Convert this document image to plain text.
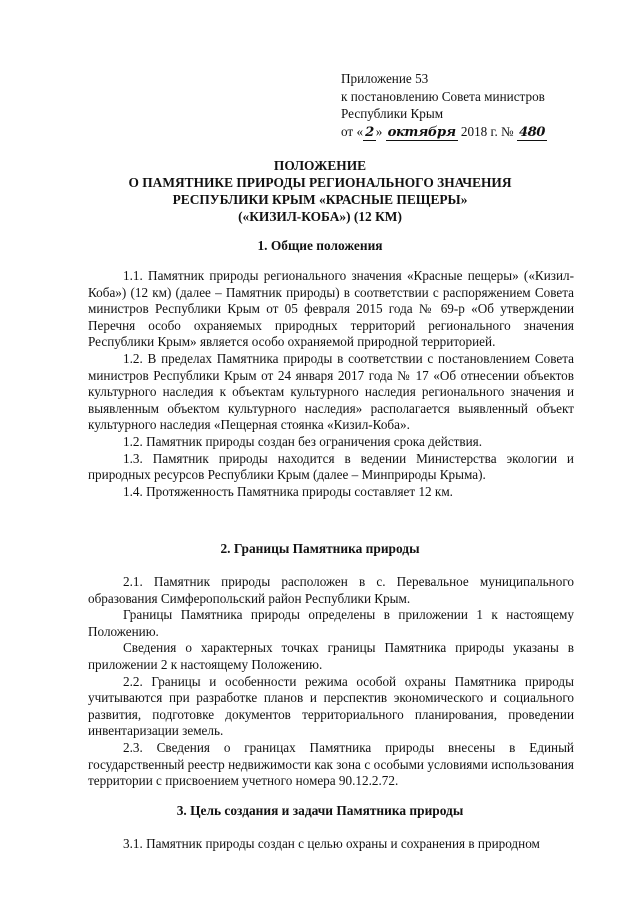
Приложение 53
к постановлению Совета министров
Республики Крым
от « 2 » октября 2018 г. № 480
ПОЛОЖЕНИЕ
О ПАМЯТНИКЕ ПРИРОДЫ РЕГИОНАЛЬНОГО ЗНАЧЕНИЯ
РЕСПУБЛИКИ КРЫМ «КРАСНЫЕ ПЕЩЕРЫ»
(«КИЗИЛ-КОБА») (12 КМ)
1. Общие положения

1.1. Памятник природы регионального значения «Красные пещеры» («Кизил-Коба») (12 км) (далее – Памятник природы) в соответствии с распоряжением Совета министров Республики Крым от 05 февраля 2015 года № 69-р «Об утверждении Перечня особо охраняемых природных территорий регионального значения Республики Крым» является особо охраняемой природной территорией.

1.2. В пределах Памятника природы в соответствии с постановлением Совета министров Республики Крым от 24 января 2017 года № 17 «Об отнесении объектов культурного наследия к объектам культурного наследия регионального значения и выявленным объектом культурного наследия» располагается выявленный объект культурного наследия «Пещерная стоянка «Кизил-Коба».

1.2. Памятник природы создан без ограничения срока действия.

1.3. Памятник природы находится в ведении Министерства экологии и природных ресурсов Республики Крым (далее – Минприроды Крыма).

1.4. Протяженность Памятника природы составляет 12 км.

2. Границы Памятника природы

2.1. Памятник природы расположен в с. Перевальное муниципального образования Симферопольский район Республики Крым.

Границы Памятника природы определены в приложении 1 к настоящему Положению.

Сведения о характерных точках границы Памятника природы указаны в приложении 2 к настоящему Положению.

2.2. Границы и особенности режима особой охраны Памятника природы учитываются при разработке планов и перспектив экономического и социального развития, подготовке документов территориального планирования, проведении инвентаризации земель.

2.3. Сведения о границах Памятника природы внесены в Единый государственный реестр недвижимости как зона с особыми условиями использования территории с присвоением учетного номера 90.12.2.72.

3. Цель создания и задачи Памятника природы

3.1. Памятник природы создан с целью охраны и сохранения в природном
